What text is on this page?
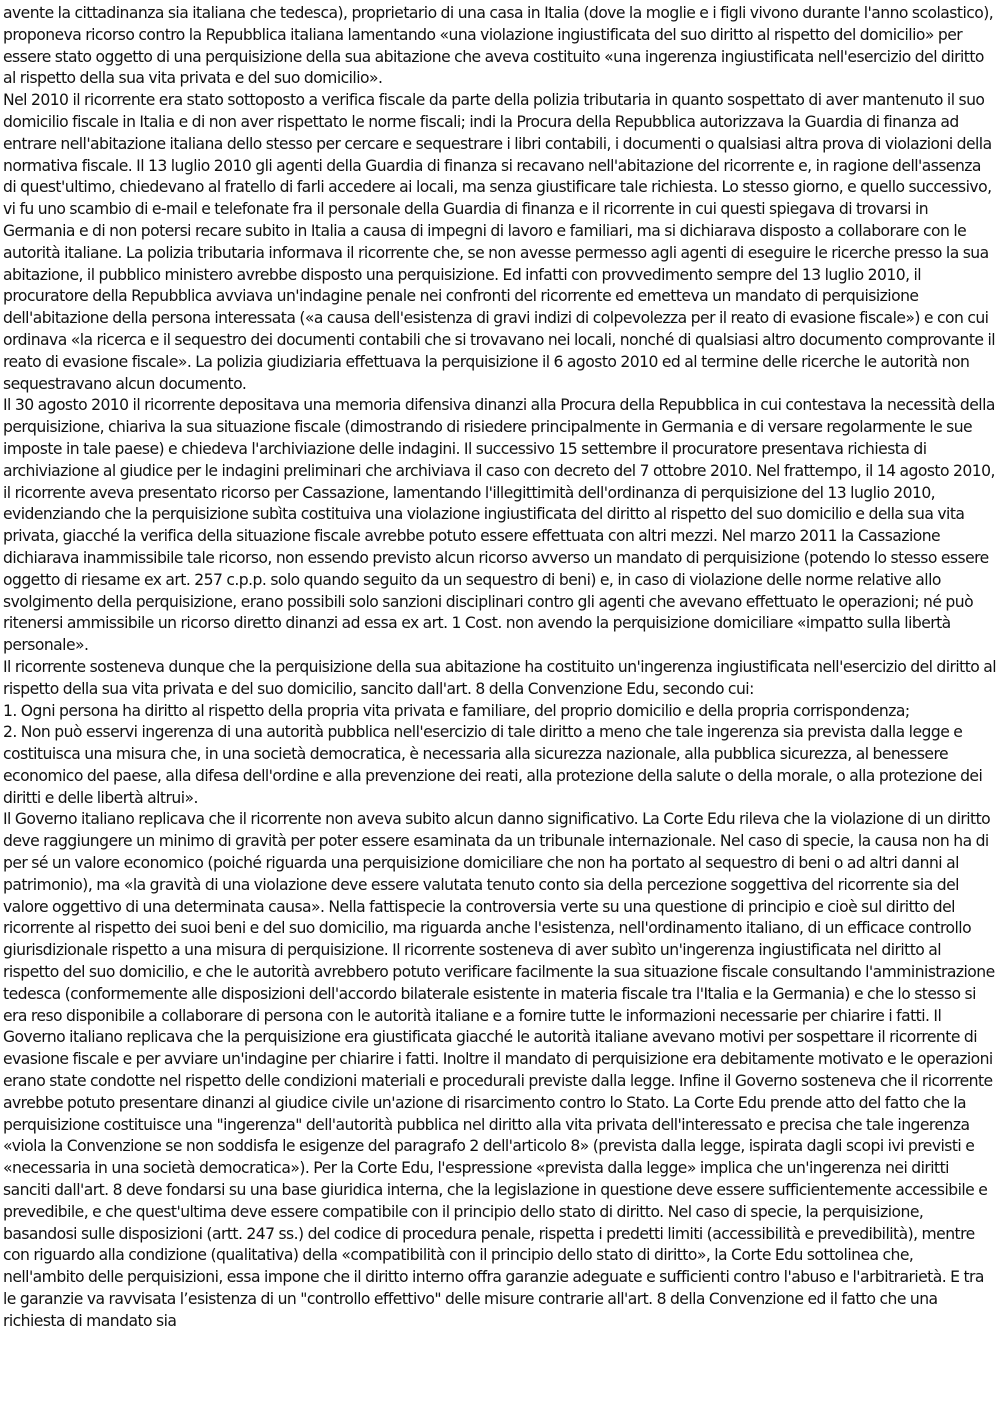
avente la cittadinanza sia italiana che tedesca), proprietario di una casa in Italia (dove la moglie e i figli vivono durante l'anno scolastico), proponeva ricorso contro la Repubblica italiana lamentando «una violazione ingiustificata del suo diritto al rispetto del domicilio» per essere stato oggetto di una perquisizione della sua abitazione che aveva costituito «una ingerenza ingiustificata nell'esercizio del diritto al rispetto della sua vita privata e del suo domicilio».

Nel 2010 il ricorrente era stato sottoposto a verifica fiscale da parte della polizia tributaria in quanto sospettato di aver mantenuto il suo domicilio fiscale in Italia e di non aver rispettato le norme fiscali; indi la Procura della Repubblica autorizzava la Guardia di finanza ad entrare nell'abitazione italiana dello stesso per cercare e sequestrare i libri contabili, i documenti o qualsiasi altra prova di violazioni della normativa fiscale. Il 13 luglio 2010 gli agenti della Guardia di finanza si recavano nell'abitazione del ricorrente e, in ragione dell'assenza di quest'ultimo, chiedevano al fratello di farli accedere ai locali, ma senza giustificare tale richiesta. Lo stesso giorno, e quello successivo, vi fu uno scambio di e-mail e telefonate fra il personale della Guardia di finanza e il ricorrente in cui questi spiegava di trovarsi in Germania e di non potersi recare subito in Italia a causa di impegni di lavoro e familiari, ma si dichiarava disposto a collaborare con le autorità italiane. La polizia tributaria informava il ricorrente che, se non avesse permesso agli agenti di eseguire le ricerche presso la sua abitazione, il pubblico ministero avrebbe disposto una perquisizione. Ed infatti con provvedimento sempre del 13 luglio 2010, il procuratore della Repubblica avviava un'indagine penale nei confronti del ricorrente ed emetteva un mandato di perquisizione dell'abitazione della persona interessata («a causa dell'esistenza di gravi indizi di colpevolezza per il reato di evasione fiscale») e con cui ordinava «la ricerca e il sequestro dei documenti contabili che si trovavano nei locali, nonché di qualsiasi altro documento comprovante il reato di evasione fiscale». La polizia giudiziaria effettuava la perquisizione il 6 agosto 2010 ed al termine delle ricerche le autorità non sequestravano alcun documento.

Il 30 agosto 2010 il ricorrente depositava una memoria difensiva dinanzi alla Procura della Repubblica in cui contestava la necessità della perquisizione, chiariva la sua situazione fiscale (dimostrando di risiedere principalmente in Germania e di versare regolarmente le sue imposte in tale paese) e chiedeva l'archiviazione delle indagini. Il successivo 15 settembre il procuratore presentava richiesta di archiviazione al giudice per le indagini preliminari che archiviava il caso con decreto del 7 ottobre 2010. Nel frattempo, il 14 agosto 2010, il ricorrente aveva presentato ricorso per Cassazione, lamentando l'illegittimità dell'ordinanza di perquisizione del 13 luglio 2010, evidenziando che la perquisizione subìta costituiva una violazione ingiustificata del diritto al rispetto del suo domicilio e della sua vita privata, giacché la verifica della situazione fiscale avrebbe potuto essere effettuata con altri mezzi. Nel marzo 2011 la Cassazione dichiarava inammissibile tale ricorso, non essendo previsto alcun ricorso avverso un mandato di perquisizione (potendo lo stesso essere oggetto di riesame ex art. 257 c.p.p. solo quando seguito da un sequestro di beni) e, in caso di violazione delle norme relative allo svolgimento della perquisizione, erano possibili solo sanzioni disciplinari contro gli agenti che avevano effettuato le operazioni; né può ritenersi ammissibile un ricorso diretto dinanzi ad essa ex art. 1 Cost. non avendo la perquisizione domiciliare «impatto sulla libertà personale».

Il ricorrente sosteneva dunque che la perquisizione della sua abitazione ha costituito un'ingerenza ingiustificata nell'esercizio del diritto al rispetto della sua vita privata e del suo domicilio, sancito dall'art. 8 della Convenzione Edu, secondo cui:

1. Ogni persona ha diritto al rispetto della propria vita privata e familiare, del proprio domicilio e della propria corrispondenza;

2. Non può esservi ingerenza di una autorità pubblica nell'esercizio di tale diritto a meno che tale ingerenza sia prevista dalla legge e costituisca una misura che, in una società democratica, è necessaria alla sicurezza nazionale, alla pubblica sicurezza, al benessere economico del paese, alla difesa dell'ordine e alla prevenzione dei reati, alla protezione della salute o della morale, o alla protezione dei diritti e delle libertà altrui».

Il Governo italiano replicava che il ricorrente non aveva subito alcun danno significativo. La Corte Edu rileva che la violazione di un diritto deve raggiungere un minimo di gravità per poter essere esaminata da un tribunale internazionale. Nel caso di specie, la causa non ha di per sé un valore economico (poiché riguarda una perquisizione domiciliare che non ha portato al sequestro di beni o ad altri danni al patrimonio), ma «la gravità di una violazione deve essere valutata tenuto conto sia della percezione soggettiva del ricorrente sia del valore oggettivo di una determinata causa». Nella fattispecie la controversia verte su una questione di principio e cioè sul diritto del ricorrente al rispetto dei suoi beni e del suo domicilio, ma riguarda anche l'esistenza, nell'ordinamento italiano, di un efficace controllo giurisdizionale rispetto a una misura di perquisizione. Il ricorrente sosteneva di aver subìto un'ingerenza ingiustificata nel diritto al rispetto del suo domicilio, e che le autorità avrebbero potuto verificare facilmente la sua situazione fiscale consultando l'amministrazione tedesca (conformemente alle disposizioni dell'accordo bilaterale esistente in materia fiscale tra l'Italia e la Germania) e che lo stesso si era reso disponibile a collaborare di persona con le autorità italiane e a fornire tutte le informazioni necessarie per chiarire i fatti. Il Governo italiano replicava che la perquisizione era giustificata giacché le autorità italiane avevano motivi per sospettare il ricorrente di evasione fiscale e per avviare un'indagine per chiarire i fatti. Inoltre il mandato di perquisizione era debitamente motivato e le operazioni erano state condotte nel rispetto delle condizioni materiali e procedurali previste dalla legge. Infine il Governo sosteneva che il ricorrente avrebbe potuto presentare dinanzi al giudice civile un'azione di risarcimento contro lo Stato. La Corte Edu prende atto del fatto che la perquisizione costituisce una "ingerenza" dell'autorità pubblica nel diritto alla vita privata dell'interessato e precisa che tale ingerenza «viola la Convenzione se non soddisfa le esigenze del paragrafo 2 dell'articolo 8» (prevista dalla legge, ispirata dagli scopi ivi previsti e «necessaria in una società democratica»). Per la Corte Edu, l'espressione «prevista dalla legge» implica che un'ingerenza nei diritti sanciti dall'art. 8 deve fondarsi su una base giuridica interna, che la legislazione in questione deve essere sufficientemente accessibile e prevedibile, e che quest'ultima deve essere compatibile con il principio dello stato di diritto. Nel caso di specie, la perquisizione, basandosi sulle disposizioni (artt. 247 ss.) del codice di procedura penale, rispetta i predetti limiti (accessibilità e prevedibilità), mentre con riguardo alla condizione (qualitativa) della «compatibilità con il principio dello stato di diritto», la Corte Edu sottolinea che, nell'ambito delle perquisizioni, essa impone che il diritto interno offra garanzie adeguate e sufficienti contro l'abuso e l'arbitrarietà. E tra le garanzie va ravvisata l’esistenza di un "controllo effettivo" delle misure contrarie all'art. 8 della Convenzione ed il fatto che una richiesta di mandato sia
